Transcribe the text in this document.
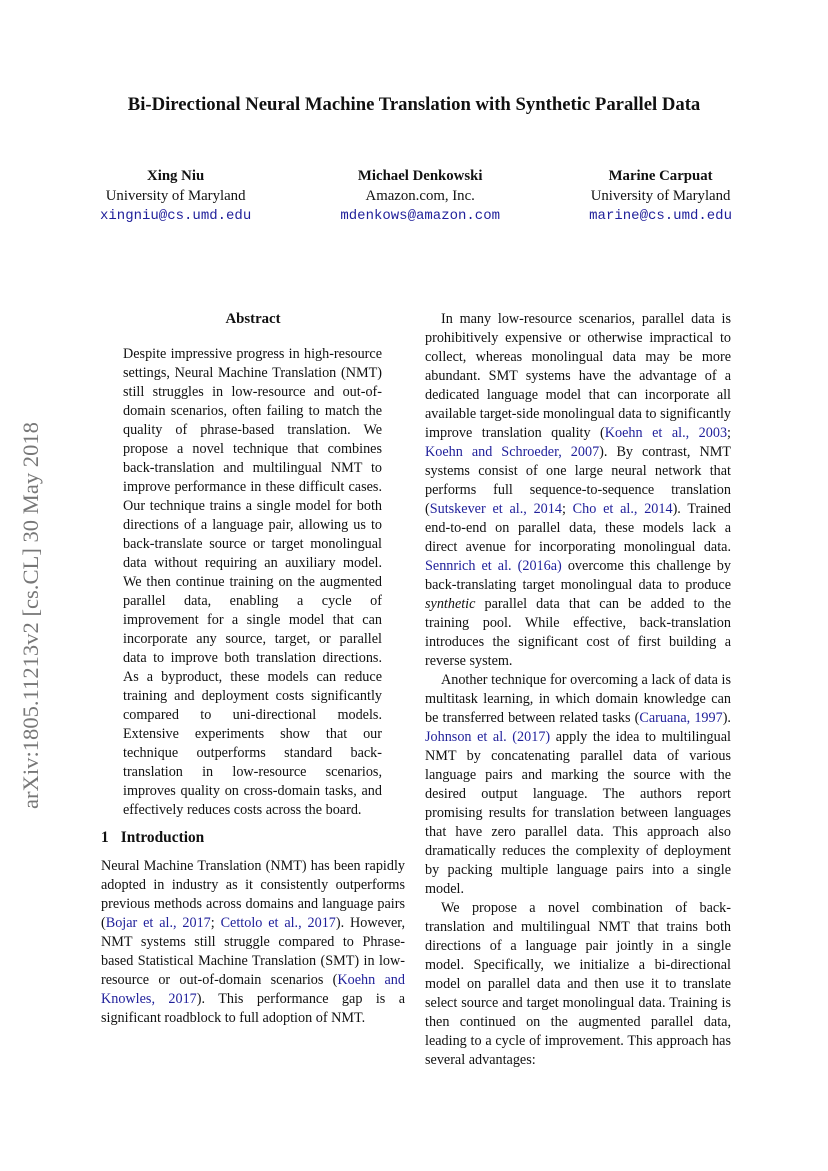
Bi-Directional Neural Machine Translation with Synthetic Parallel Data
Xing Niu
University of Maryland
xingniu@cs.umd.edu
Michael Denkowski
Amazon.com, Inc.
mdenkows@amazon.com
Marine Carpuat
University of Maryland
marine@cs.umd.edu
arXiv:1805.11213v2 [cs.CL] 30 May 2018
Abstract

Despite impressive progress in high-resource settings, Neural Machine Translation (NMT) still struggles in low-resource and out-of-domain scenarios, often failing to match the quality of phrase-based translation. We propose a novel technique that combines back-translation and multilingual NMT to improve performance in these difficult cases. Our technique trains a single model for both directions of a language pair, allowing us to back-translate source or target monolingual data without requiring an auxiliary model. We then continue training on the augmented parallel data, enabling a cycle of improvement for a single model that can incorporate any source, target, or parallel data to improve both translation directions. As a byproduct, these models can reduce training and deployment costs significantly compared to uni-directional models. Extensive experiments show that our technique outperforms standard back-translation in low-resource scenarios, improves quality on cross-domain tasks, and effectively reduces costs across the board.

1 Introduction

Neural Machine Translation (NMT) has been rapidly adopted in industry as it consistently outperforms previous methods across domains and language pairs (Bojar et al., 2017; Cettolo et al., 2017). However, NMT systems still struggle compared to Phrase-based Statistical Machine Translation (SMT) in low-resource or out-of-domain scenarios (Koehn and Knowles, 2017). This performance gap is a significant roadblock to full adoption of NMT.

In many low-resource scenarios, parallel data is prohibitively expensive or otherwise impractical to collect, whereas monolingual data may be more abundant. SMT systems have the advantage of a dedicated language model that can incorporate all available target-side monolingual data to significantly improve translation quality (Koehn et al., 2003; Koehn and Schroeder, 2007). By contrast, NMT systems consist of one large neural network that performs full sequence-to-sequence translation (Sutskever et al., 2014; Cho et al., 2014). Trained end-to-end on parallel data, these models lack a direct avenue for incorporating monolingual data. Sennrich et al. (2016a) overcome this challenge by back-translating target monolingual data to produce synthetic parallel data that can be added to the training pool. While effective, back-translation introduces the significant cost of first building a reverse system.

Another technique for overcoming a lack of data is multitask learning, in which domain knowledge can be transferred between related tasks (Caruana, 1997). Johnson et al. (2017) apply the idea to multilingual NMT by concatenating parallel data of various language pairs and marking the source with the desired output language. The authors report promising results for translation between languages that have zero parallel data. This approach also dramatically reduces the complexity of deployment by packing multiple language pairs into a single model.

We propose a novel combination of back-translation and multilingual NMT that trains both directions of a language pair jointly in a single model. Specifically, we initialize a bi-directional model on parallel data and then use it to translate select source and target monolingual data. Training is then continued on the augmented parallel data, leading to a cycle of improvement. This approach has several advantages:
